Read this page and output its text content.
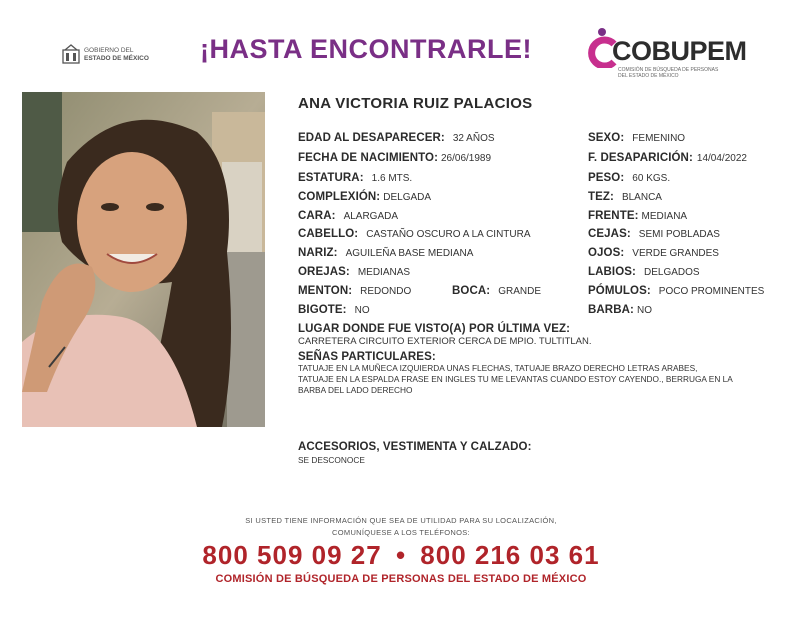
GOBIERNO DEL
ESTADO DE MÉXICO ¡HASTA ENCONTRARLE!	COBUPEM
COMISIÓN DE BÚSQUEDA DE PERSONAS
DEL ESTADO DE MÉXICO
ANA VICTORIA RUIZ PALACIOS
EDAD AL DESAPARECER: 32 AÑOS
FECHA DE NACIMIENTO: 26/06/1989
ESTATURA: 1.6 MTS.
COMPLEXIÓN: DELGADA
CARA: ALARGADA
CABELLO: CASTAÑO OSCURO A LA CINTURA
NARIZ: AGUILEÑA BASE MEDIANA
OREJAS: MEDIANAS
MENTON: REDONDO	BOCA: GRANDE
BIGOTE: NO
SEXO: FEMENINO
F. DESAPARICIÓN: 14/04/2022
PESO: 60 KGS.
TEZ: BLANCA
FRENTE: MEDIANA
CEJAS: SEMI POBLADAS
OJOS: VERDE GRANDES
LABIOS: DELGADOS
PÓMULOS: POCO PROMINENTES
BARBA: NO
LUGAR DONDE FUE VISTO(A) POR ÚLTIMA VEZ:
CARRETERA CIRCUITO EXTERIOR CERCA DE MPIO. TULTITLAN.
SEÑAS PARTICULARES:
TATUAJE EN LA MUÑECA IZQUIERDA UNAS FLECHAS, TATUAJE BRAZO DERECHO LETRAS ARABES,
TATUAJE EN LA ESPALDA FRASE EN INGLES TU ME LEVANTAS CUANDO ESTOY CAYENDO., BERRUGA EN LA
BARBA DEL LADO DERECHO
ACCESORIOS, VESTIMENTA Y CALZADO:
SE DESCONOCE
SI USTED TIENE INFORMACIÓN QUE SEA DE UTILIDAD PARA SU LOCALIZACIÓN,
COMUNÍQUESE A LOS TELÉFONOS:
800 509 09 27 • 800 216 03 61
COMISIÓN DE BÚSQUEDA DE PERSONAS DEL ESTADO DE MÉXICO
